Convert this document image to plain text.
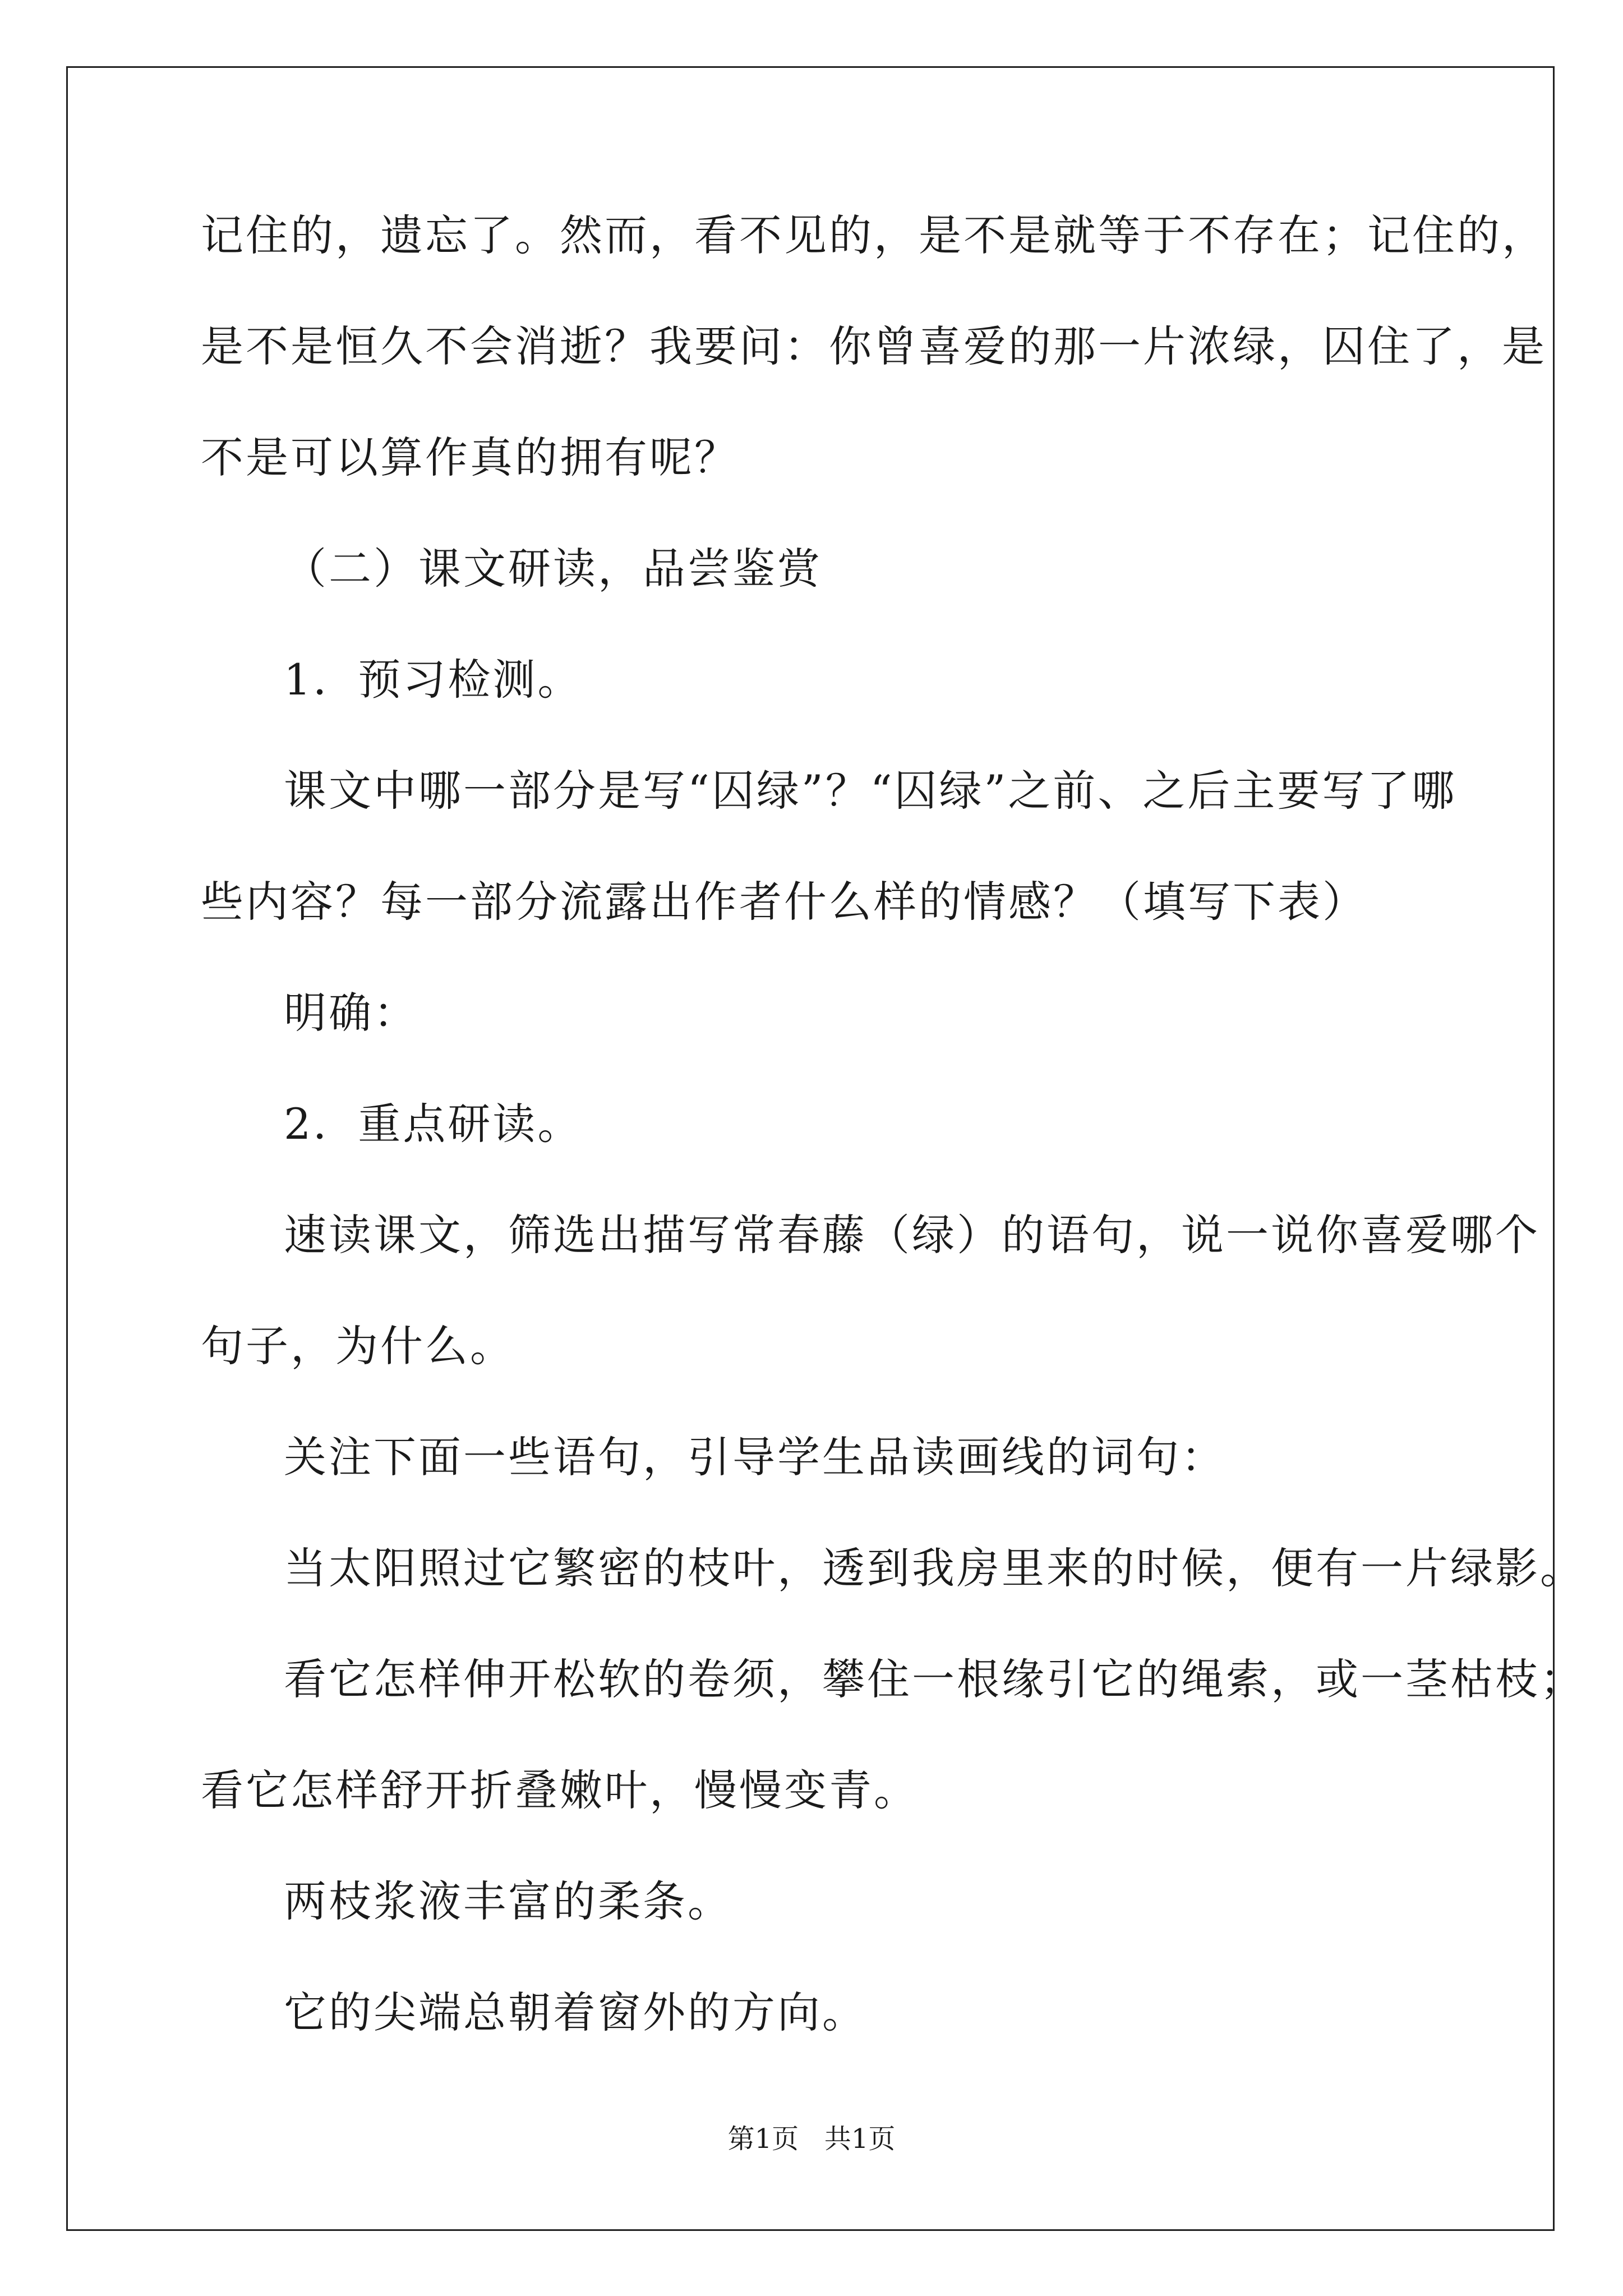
记住的，遗忘了。然而，看不见的，是不是就等于不存在；记住的，
是不是恒久不会消逝？我要问：你曾喜爱的那一片浓绿，囚住了，是
不是可以算作真的拥有呢？
（二）课文研读，品尝鉴赏
1．预习检测。
课文中哪一部分是写“囚绿”？“囚绿”之前、之后主要写了哪
些内容？每一部分流露出作者什么样的情感？（填写下表）
明确：
2．重点研读。
速读课文，筛选出描写常春藤（绿）的语句，说一说你喜爱哪个
句子，为什么。
关注下面一些语句，引导学生品读画线的词句：
当太阳照过它繁密的枝叶，透到我房里来的时候，便有一片绿影。
看它怎样伸开松软的卷须，攀住一根缘引它的绳索，或一茎枯枝；
看它怎样舒开折叠嫩叶，慢慢变青。
两枝浆液丰富的柔条。
它的尖端总朝着窗外的方向。
第1页   共1页
